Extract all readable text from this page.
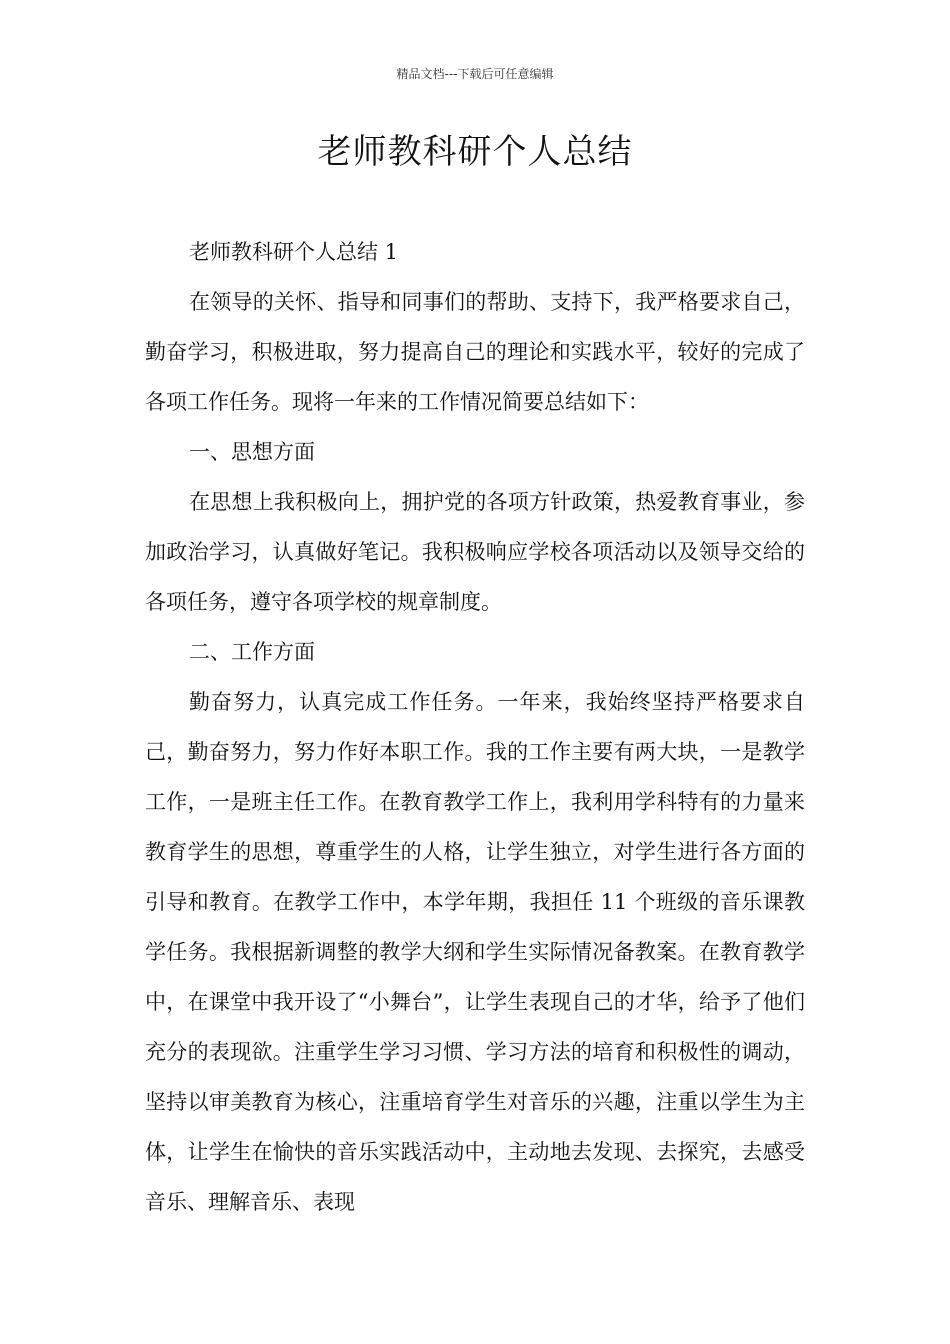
精品文档---下载后可任意编辑
老师教科研个人总结

老师教科研个人总结 1

在领导的关怀、指导和同事们的帮助、支持下，我严格要求自己，勤奋学习，积极进取，努力提高自己的理论和实践水平，较好的完成了各项工作任务。现将一年来的工作情况简要总结如下：

一、思想方面

在思想上我积极向上，拥护党的各项方针政策，热爱教育事业，参加政治学习，认真做好笔记。我积极响应学校各项活动以及领导交给的各项任务，遵守各项学校的规章制度。

二、工作方面

勤奋努力，认真完成工作任务。一年来，我始终坚持严格要求自己，勤奋努力，努力作好本职工作。我的工作主要有两大块，一是教学工作，一是班主任工作。在教育教学工作上，我利用学科特有的力量来教育学生的思想，尊重学生的人格，让学生独立，对学生进行各方面的引导和教育。在教学工作中，本学年期，我担任 11 个班级的音乐课教学任务。我根据新调整的教学大纲和学生实际情况备教案。在教育教学中，在课堂中我开设了“小舞台”，让学生表现自己的才华，给予了他们充分的表现欲。注重学生学习习惯、学习方法的培育和积极性的调动，坚持以审美教育为核心，注重培育学生对音乐的兴趣，注重以学生为主体，让学生在愉快的音乐实践活动中，主动地去发现、去探究，去感受音乐、理解音乐、表现
